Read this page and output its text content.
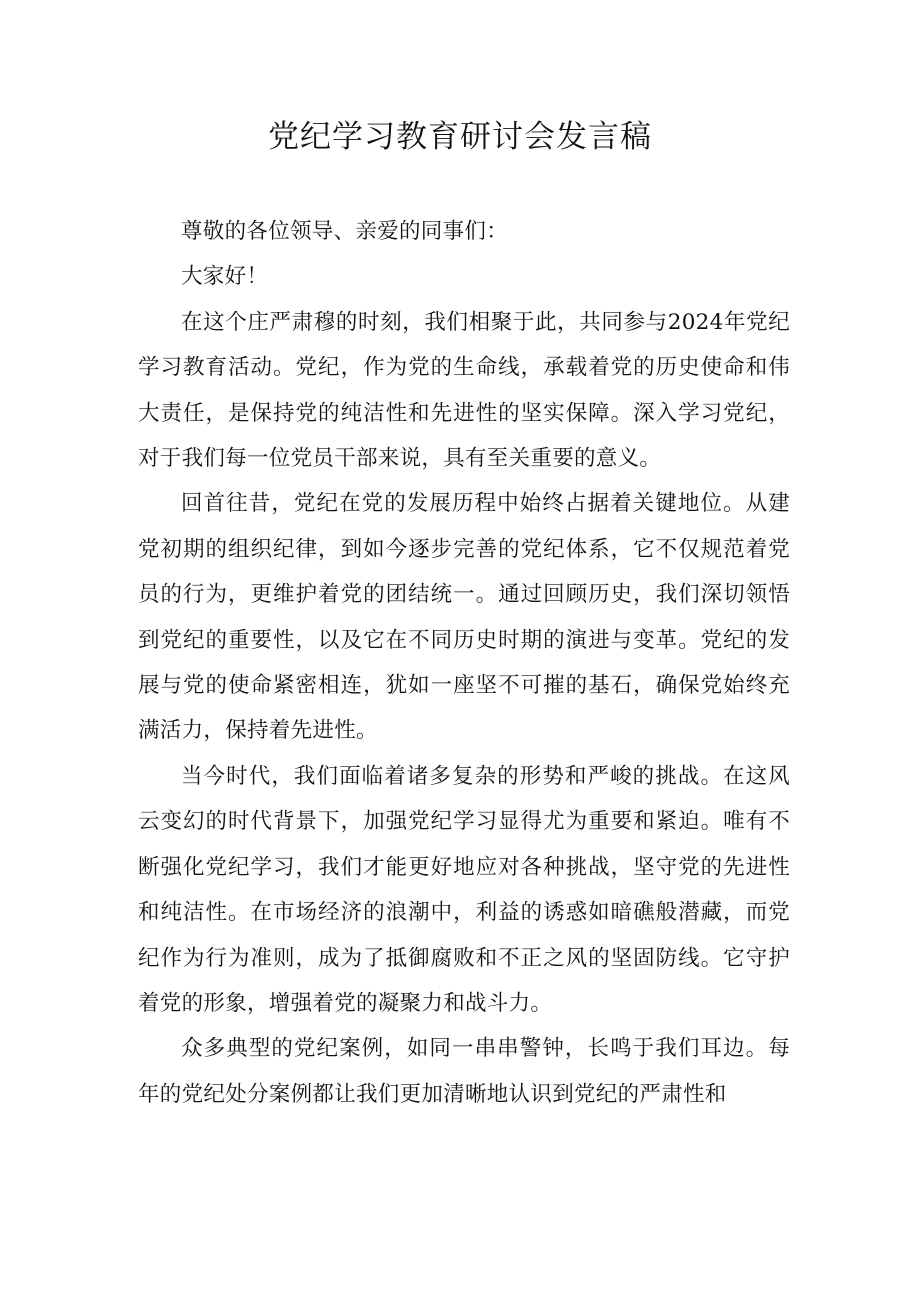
党纪学习教育研讨会发言稿

尊敬的各位领导、亲爱的同事们：

大家好！

在这个庄严肃穆的时刻，我们相聚于此，共同参与2024年党纪学习教育活动。党纪，作为党的生命线，承载着党的历史使命和伟大责任，是保持党的纯洁性和先进性的坚实保障。深入学习党纪，对于我们每一位党员干部来说，具有至关重要的意义。

回首往昔，党纪在党的发展历程中始终占据着关键地位。从建党初期的组织纪律，到如今逐步完善的党纪体系，它不仅规范着党员的行为，更维护着党的团结统一。通过回顾历史，我们深切领悟到党纪的重要性，以及它在不同历史时期的演进与变革。党纪的发展与党的使命紧密相连，犹如一座坚不可摧的基石，确保党始终充满活力，保持着先进性。

当今时代，我们面临着诸多复杂的形势和严峻的挑战。在这风云变幻的时代背景下，加强党纪学习显得尤为重要和紧迫。唯有不断强化党纪学习，我们才能更好地应对各种挑战，坚守党的先进性和纯洁性。在市场经济的浪潮中，利益的诱惑如暗礁般潜藏，而党纪作为行为准则，成为了抵御腐败和不正之风的坚固防线。它守护着党的形象，增强着党的凝聚力和战斗力。

众多典型的党纪案例，如同一串串警钟，长鸣于我们耳边。每年的党纪处分案例都让我们更加清晰地认识到党纪的严肃性和
